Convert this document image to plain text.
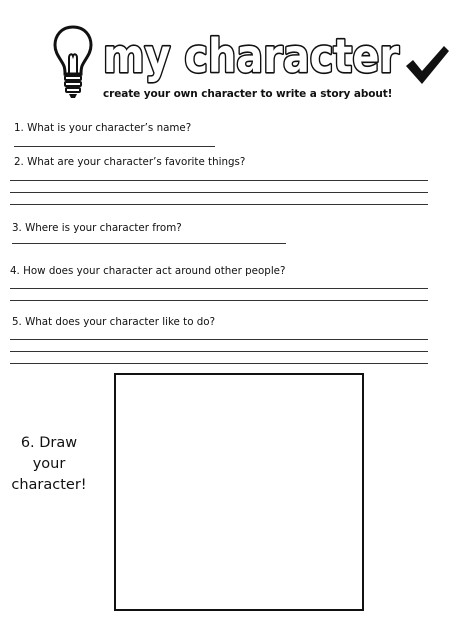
my character
create your own character to write a story about!
1. What is your character’s name?
2. What are your character’s favorite things?
3. Where is your character from?
4. How does your character act around other people?
5. What does your character like to do?
6. Draw
your
character!
